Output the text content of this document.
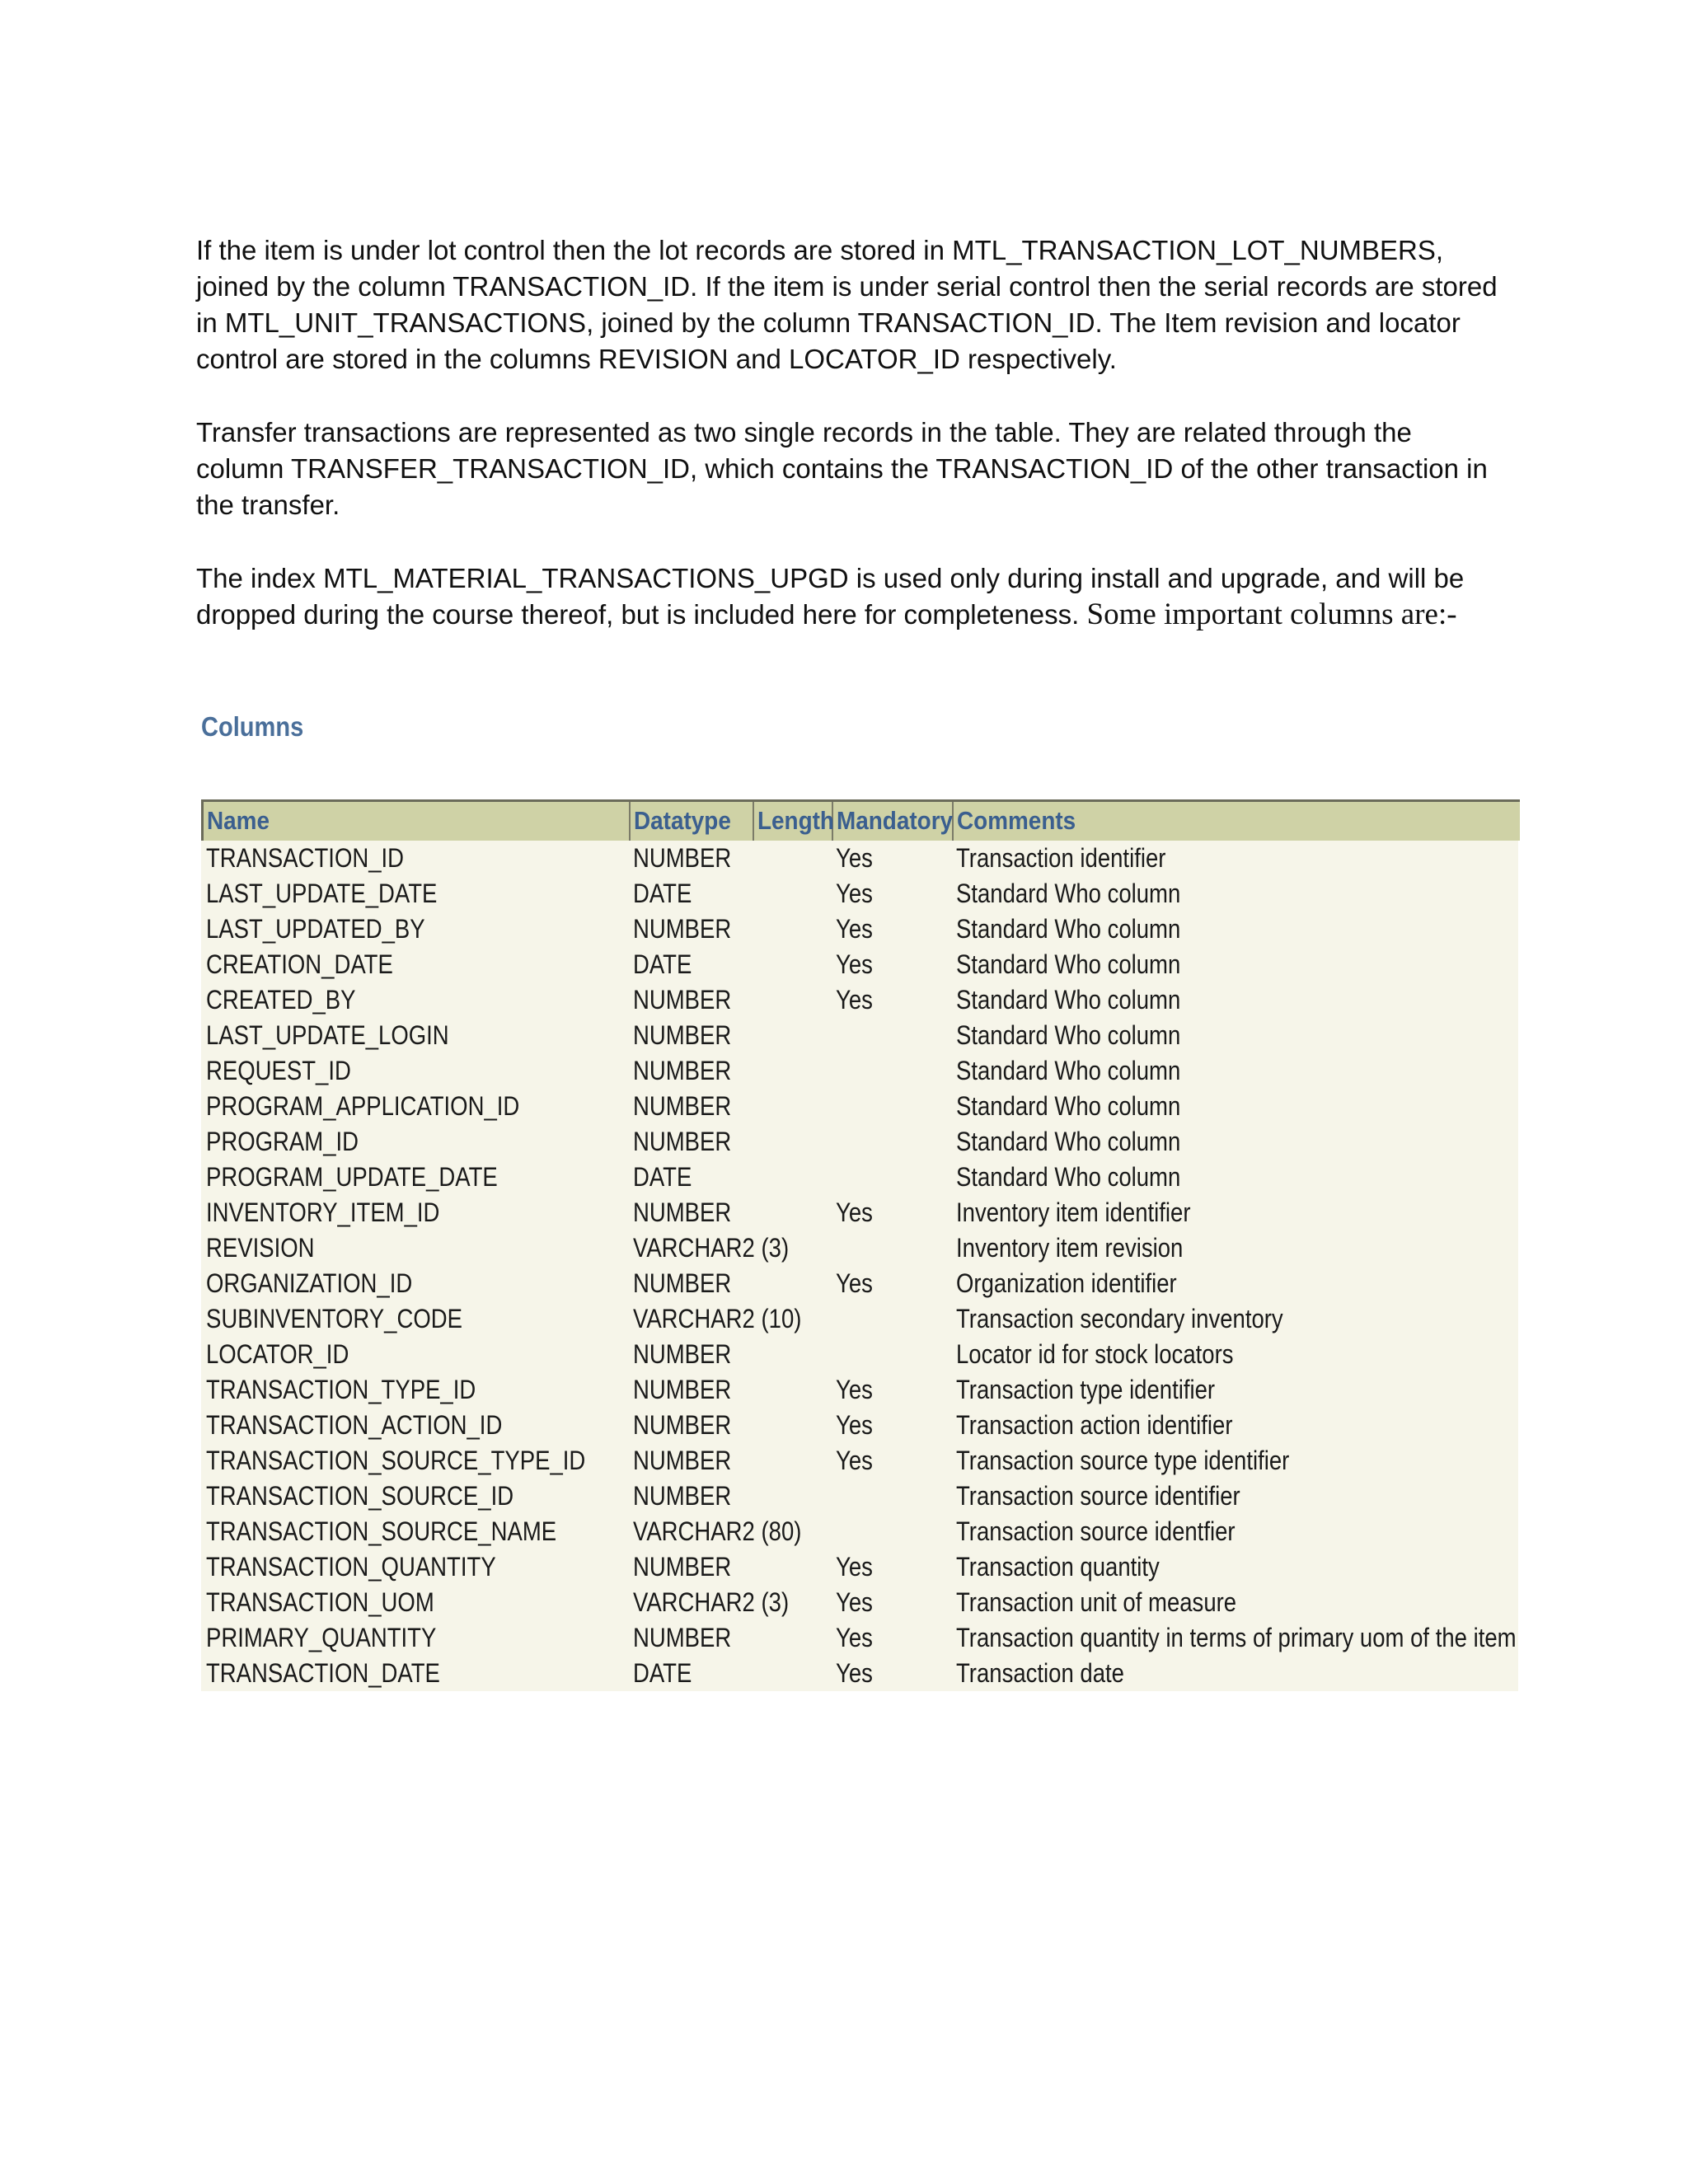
If the item is under lot control then the lot records are stored in MTL_TRANSACTION_LOT_NUMBERS, joined by the column TRANSACTION_ID. If the item is under serial control then the serial records are stored in MTL_UNIT_TRANSACTIONS, joined by the column TRANSACTION_ID. The Item revision and locator control are stored in the columns REVISION and LOCATOR_ID respectively.

Transfer transactions are represented as two single records in the table. They are related through the column TRANSFER_TRANSACTION_ID, which contains the TRANSACTION_ID of the other transaction in the transfer.

The index MTL_MATERIAL_TRANSACTIONS_UPGD is used only during install and upgrade, and will be dropped during the course thereof, but is included here for completeness. Some important columns are:-

Columns
Name	Datatype	Length	Mandatory	Comments
TRANSACTION_ID	NUMBER		Yes	Transaction identifier
LAST_UPDATE_DATE	DATE		Yes	Standard Who column
LAST_UPDATED_BY	NUMBER		Yes	Standard Who column
CREATION_DATE	DATE		Yes	Standard Who column
CREATED_BY	NUMBER		Yes	Standard Who column
LAST_UPDATE_LOGIN	NUMBER			Standard Who column
REQUEST_ID	NUMBER			Standard Who column
PROGRAM_APPLICATION_ID	NUMBER			Standard Who column
PROGRAM_ID	NUMBER			Standard Who column
PROGRAM_UPDATE_DATE	DATE			Standard Who column
INVENTORY_ITEM_ID	NUMBER		Yes	Inventory item identifier
REVISION	VARCHAR2 (3)			Inventory item revision
ORGANIZATION_ID	NUMBER		Yes	Organization identifier
SUBINVENTORY_CODE	VARCHAR2 (10)			Transaction secondary inventory
LOCATOR_ID	NUMBER			Locator id for stock locators
TRANSACTION_TYPE_ID	NUMBER		Yes	Transaction type identifier
TRANSACTION_ACTION_ID	NUMBER		Yes	Transaction action identifier
TRANSACTION_SOURCE_TYPE_ID	NUMBER		Yes	Transaction source type identifier
TRANSACTION_SOURCE_ID	NUMBER			Transaction source identifier
TRANSACTION_SOURCE_NAME	VARCHAR2 (80)			Transaction source identfier
TRANSACTION_QUANTITY	NUMBER		Yes	Transaction quantity
TRANSACTION_UOM	VARCHAR2 (3)		Yes	Transaction unit of measure
PRIMARY_QUANTITY	NUMBER		Yes	Transaction quantity in terms of primary uom of the item
TRANSACTION_DATE	DATE		Yes	Transaction date
